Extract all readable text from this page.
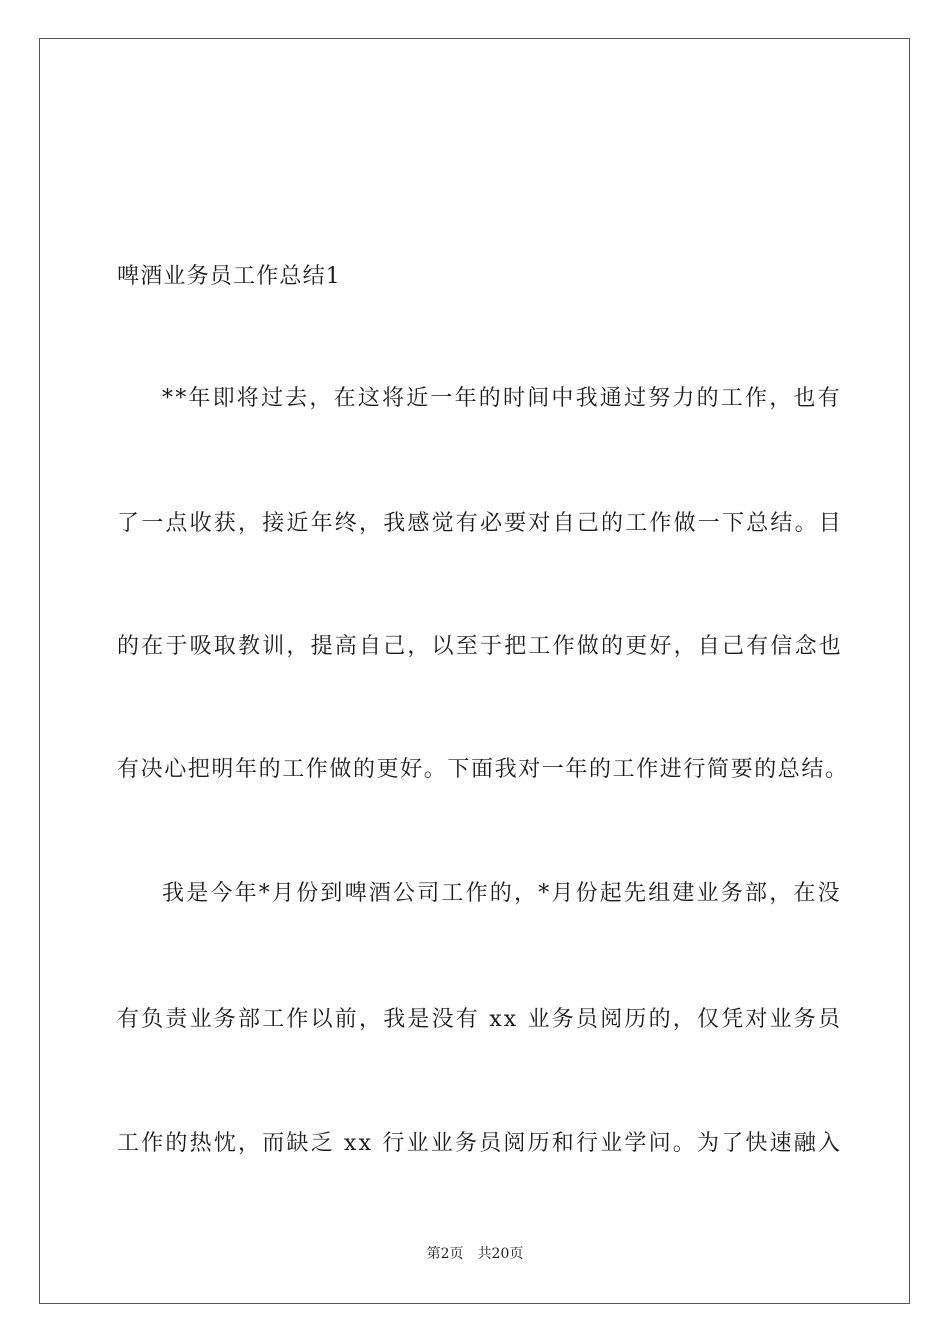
啤酒业务员工作总结1
**年即将过去，在这将近一年的时间中我通过努力的工作，也有
了一点收获，接近年终，我感觉有必要对自己的工作做一下总结。目
的在于吸取教训，提高自己，以至于把工作做的更好，自己有信念也
有决心把明年的工作做的更好。下面我对一年的工作进行简要的总结。
我是今年*月份到啤酒公司工作的，*月份起先组建业务部，在没
有负责业务部工作以前，我是没有 xx 业务员阅历的，仅凭对业务员
工作的热忱，而缺乏 xx 行业业务员阅历和行业学问。为了快速融入
第2页 共20页
